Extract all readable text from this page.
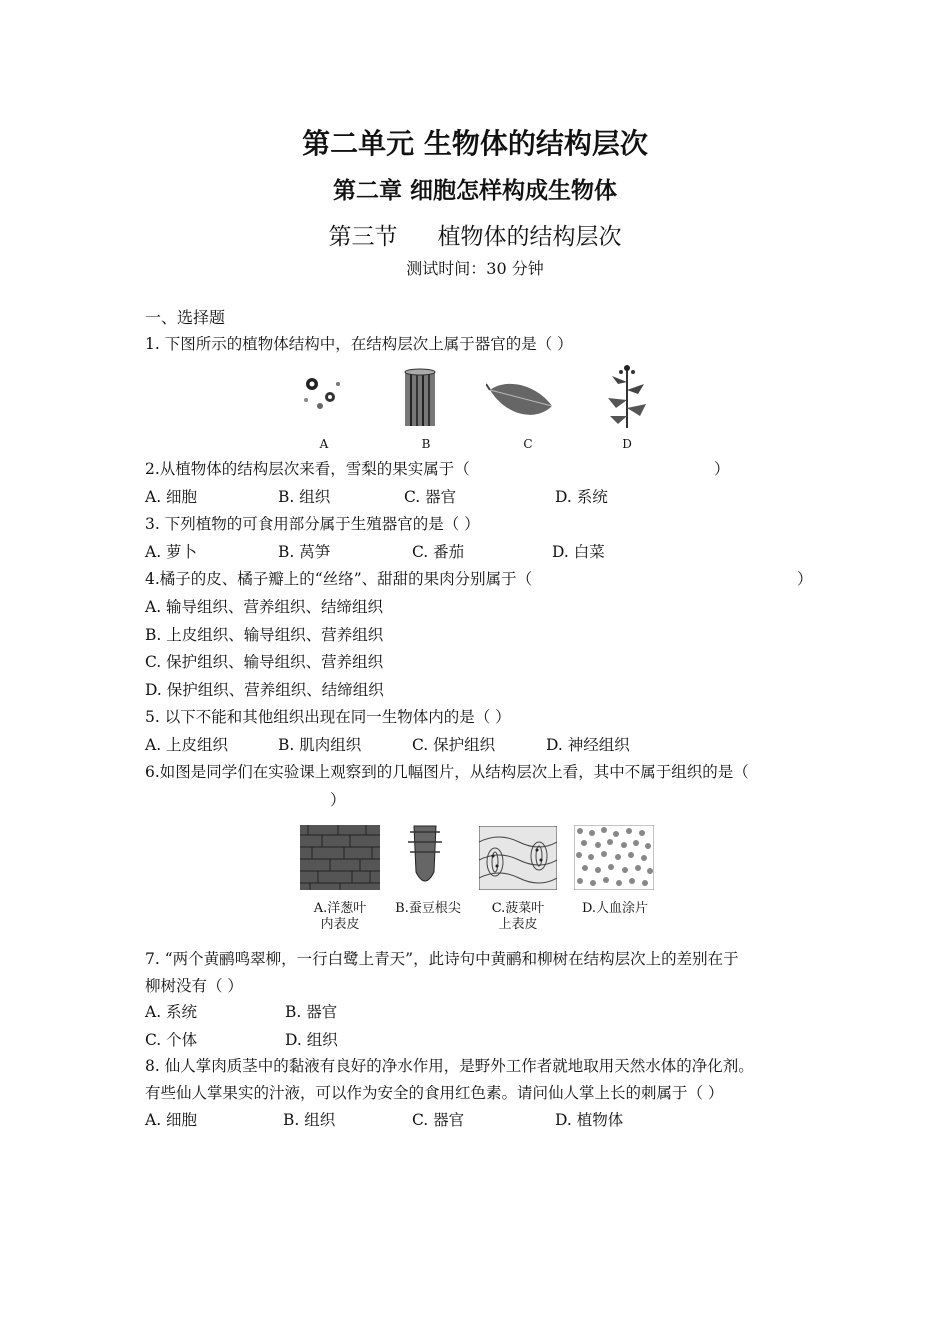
第二单元 生物体的结构层次
第二章 细胞怎样构成生物体
第三节 植物体的结构层次
测试时间：30 分钟
一、选择题
1. 下图所示的植物体结构中，在结构层次上属于器官的是（ ）
A	B	C	D
2.从植物体的结构层次来看，雪梨的果实属于（	）
A. 细胞	B. 组织	C. 器官	D. 系统
3. 下列植物的可食用部分属于生殖器官的是（ ）
A. 萝卜	B. 莴笋	C. 番茄	D. 白菜
4.橘子的皮、橘子瓣上的“丝络”、甜甜的果肉分别属于（	）
A. 输导组织、营养组织、结缔组织
B. 上皮组织、输导组织、营养组织
C. 保护组织、输导组织、营养组织
D. 保护组织、营养组织、结缔组织
5. 以下不能和其他组织出现在同一生物体内的是（ ）
A. 上皮组织	B. 肌肉组织	C. 保护组织	D. 神经组织
6.如图是同学们在实验课上观察到的几幅图片，从结构层次上看，其中不属于组织的是（
）
A.洋葱叶
内表皮
B.蚕豆根尖	C.菠菜叶
上表皮
D.人血涂片
7. “两个黄鹂鸣翠柳，一行白鹭上青天”，此诗句中黄鹂和柳树在结构层次上的差别在于
柳树没有（ ）
A. 系统	B. 器官
C. 个体	D. 组织
8. 仙人掌肉质茎中的黏液有良好的净水作用，是野外工作者就地取用天然水体的净化剂。
有些仙人掌果实的汁液，可以作为安全的食用红色素。请问仙人掌上长的刺属于（ ）
A. 细胞	B. 组织	C. 器官	D. 植物体
